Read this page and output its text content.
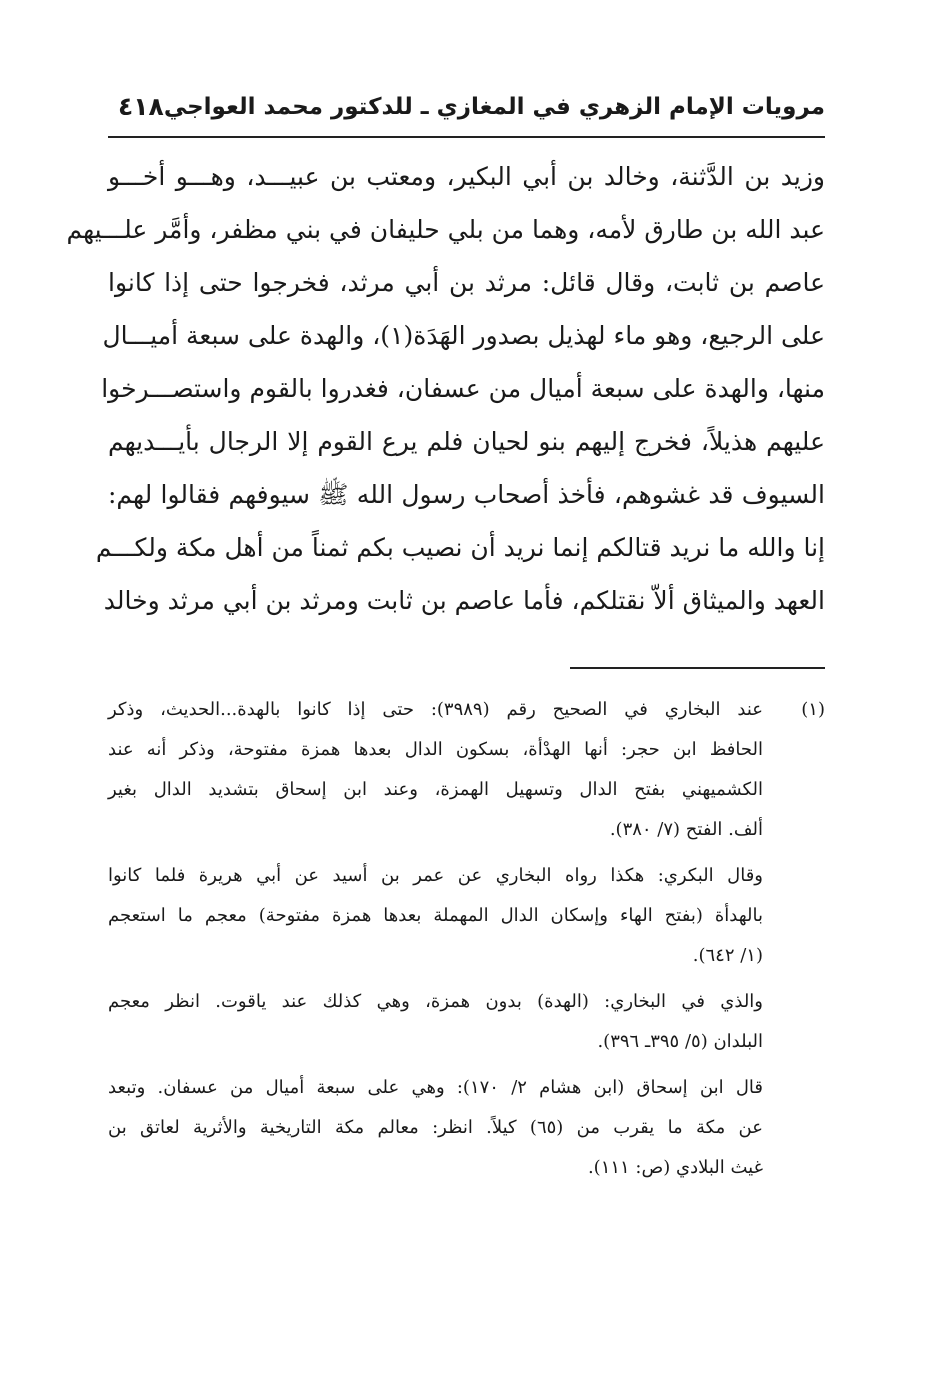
مرويات الإمام الزهري في المغازي ـ للدكتور محمد العواجي
٤١٨
وزيد بن الدَّثنة، وخالد بن أبي البكير، ومعتب بن عبيـــد، وهـــو أخـــو
عبد الله بن طارق لأمه، وهما من بلي حليفان في بني مظفر، وأمَّر علـــيهم
عاصم بن ثابت، وقال قائل: مرثد بن أبي مرثد، فخرجوا حتى إذا كانوا
على الرجيع، وهو ماء لهذيل بصدور الهَدَة(١)، والهدة على سبعة أميـــال
منها، والهدة على سبعة أميال من عسفان، فغدروا بالقوم واستصـــرخوا
عليهم هذيلاً، فخرج إليهم بنو لحيان فلم يرع القوم إلا الرجال بأيـــديهم
السيوف قد غشوهم، فأخذ أصحاب رسول الله ﷺ سيوفهم فقالوا لهم:
إنا والله ما نريد قتالكم إنما نريد أن نصيب بكم ثمناً من أهل مكة ولكـــم
العهد والميثاق ألاّ نقتلكم، فأما عاصم بن ثابت ومرثد بن أبي مرثد وخالد
(١)عند البخاري في الصحيح رقم (٣٩٨٩): حتى إذا كانوا بالهدة...الحديث، وذكر
الحافظ ابن حجر: أنها الهدْأة، بسكون الدال بعدها همزة مفتوحة، وذكر أنه عند
الكشميهني بفتح الدال وتسهيل الهمزة، وعند ابن إسحاق بتشديد الدال بغير
ألف. الفتح (٧/ ٣٨٠).
وقال البكري: هكذا رواه البخاري عن عمر بن أسيد عن أبي هريرة فلما كانوا
بالهدأة (بفتح الهاء وإسكان الدال المهملة بعدها همزة مفتوحة) معجم ما استعجم
(١/ ٦٤٢).
والذي في البخاري: (الهدة) بدون همزة، وهي كذلك عند ياقوت. انظر معجم
البلدان (٥/ ٣٩٥ـ ٣٩٦).
قال ابن إسحاق (ابن هشام ٢/ ١٧٠): وهي على سبعة أميال من عسفان. وتبعد
عن مكة ما يقرب من (٦٥) كيلاً. انظر: معالم مكة التاريخية والأثرية لعاتق بن
غيث البلادي (ص: ١١١).
